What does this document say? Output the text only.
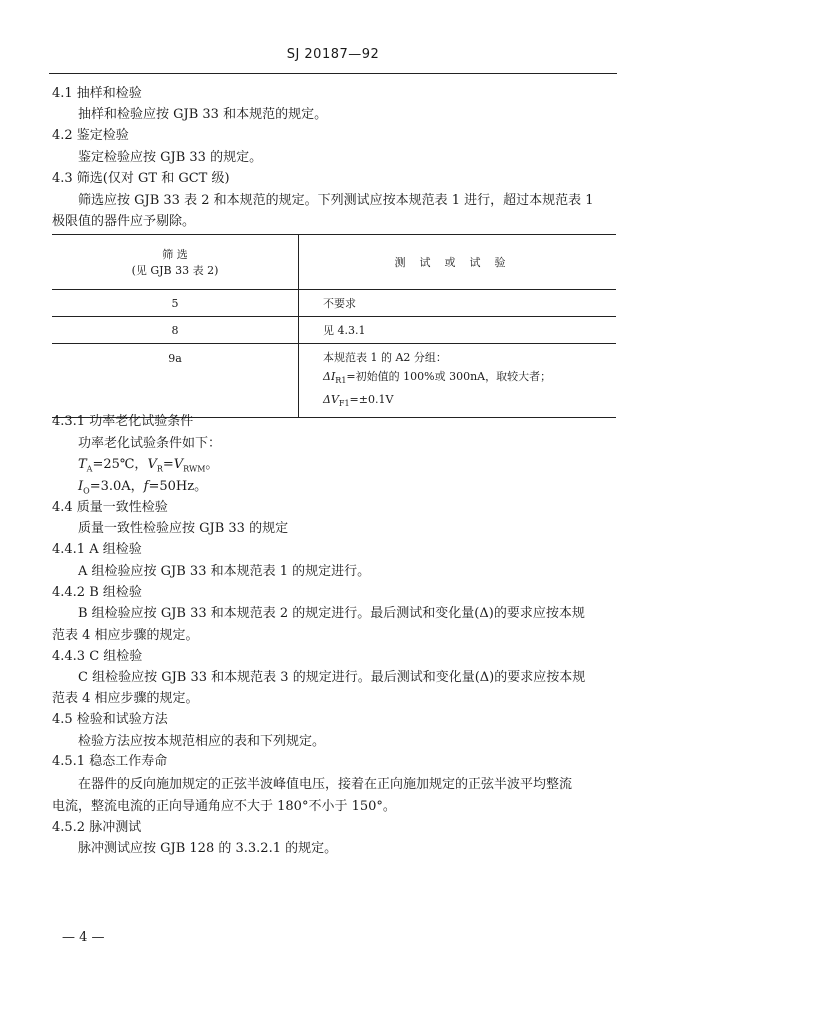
SJ 20187—92
4.1 抽样和检验
抽样和检验应按 GJB 33 和本规范的规定。
4.2 鉴定检验
鉴定检验应按 GJB 33 的规定。
4.3 筛选(仅对 GT 和 GCT 级)
筛选应按 GJB 33 表 2 和本规范的规定。下列测试应按本规范表 1 进行，超过本规范表 1
极限值的器件应予剔除。
筛 选
(见 GJB 33 表 2)	测试或试验
5	不要求
8	见 4.3.1
9a	本规范表 1 的 A2 分组：
$\Delta I_{R1}=$初始值的 100%或 300nA，取较大者；
$\Delta V_{F1}=\pm 0.1V$
4.3.1 功率老化试验条件
功率老化试验条件如下：
$T_A=25℃$，$V_R=V_{RWM}$。
$I_O=3.0A$，f=50Hz。
4.4 质量一致性检验
质量一致性检验应按 GJB 33 的规定
4.4.1 A 组检验
A 组检验应按 GJB 33 和本规范表 1 的规定进行。
4.4.2 B 组检验
B 组检验应按 GJB 33 和本规范表 2 的规定进行。最后测试和变化量(Δ)的要求应按本规
范表 4 相应步骤的规定。
4.4.3 C 组检验
C 组检验应按 GJB 33 和本规范表 3 的规定进行。最后测试和变化量(Δ)的要求应按本规
范表 4 相应步骤的规定。
4.5 检验和试验方法
检验方法应按本规范相应的表和下列规定。
4.5.1 稳态工作寿命
在器件的反向施加规定的正弦半波峰值电压，接着在正向施加规定的正弦半波平均整流
电流，整流电流的正向导通角应不大于 180°不小于 150°。
4.5.2 脉冲测试
脉冲测试应按 GJB 128 的 3.3.2.1 的规定。
— 4 —
